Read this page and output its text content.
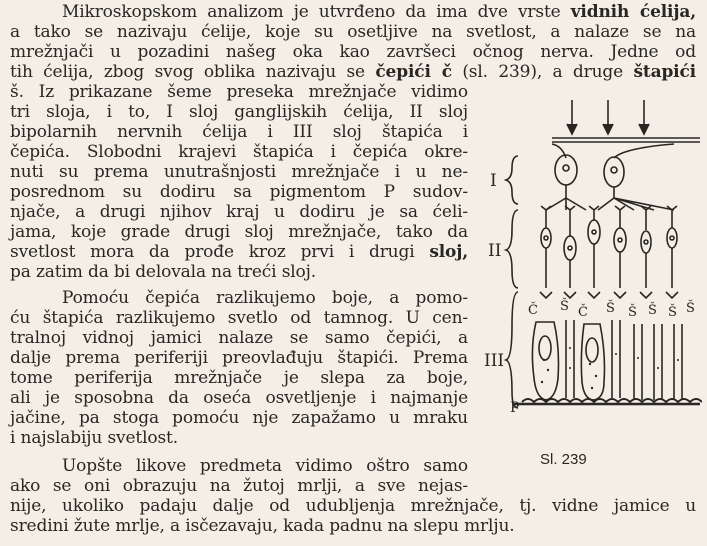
Mikroskopskom analizom je utvrđeno da ima dve vrste vidnih ćelija,
a tako se nazivaju ćelije, koje su osetljive na svetlost, a nalaze se na
mrežnjači u pozadini našeg oka kao završeci očnog nerva. Jedne od
tih ćelija, zbog svog oblika nazivaju se čepići č (sl. 239), a druge štapići
š. Iz prikazane šeme preseka mrežnjače vidimo
tri sloja, i to, I sloj ganglijskih ćelija, II sloj
bipolarnih nervnih ćelija i III sloj štapića i
čepića. Slobodni krajevi štapića i čepića okre-
nuti su prema unutrašnjosti mrežnjače i u ne-
posrednom su dodiru sa pigmentom P sudov-
njače, a drugi njihov kraj u dodiru je sa ćeli-
jama, koje grade drugi sloj mrežnjače, tako da
svetlost mora da prođe kroz prvi i drugi sloj,
pa zatim da bi delovala na treći sloj.
Pomoću čepića razlikujemo boje, a pomo-
ću štapića razlikujemo svetlo od tamnog. U cen-
tralnoj vidnoj jamici nalaze se samo čepići, a
dalje prema periferiji preovlađuju štapići. Prema
tome periferija mrežnjače je slepa za boje,
ali je sposobna da oseća osvetljenje i najmanje
jačine, pa stoga pomoću nje zapažamo u mraku
i najslabiju svetlost.
Uopšte likove predmeta vidimo oštro samo
ako se oni obrazuju na žutoj mrlji, a sve nejas-
nije, ukoliko padaju dalje od udubljenja mrežnjače, tj. vidne jamice u
sredini žute mrlje, a isčezavaju, kada padnu na slepu mrlju.
I
II
III
Č Š Č Š Š Š Š Š
P
Sl. 239
